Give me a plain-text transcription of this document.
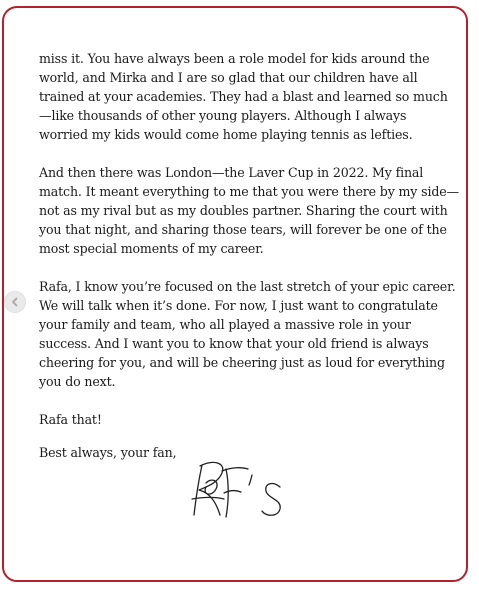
miss it. You have always been a role model for kids around the world, and Mirka and I are so glad that our children have all trained at your academies. They had a blast and learned so much—like thousands of other young players. Although I always worried my kids would come home playing tennis as lefties.

And then there was London—the Laver Cup in 2022. My final match. It meant everything to me that you were there by my side—not as my rival but as my doubles partner. Sharing the court with you that night, and sharing those tears, will forever be one of the most special moments of my career.

Rafa, I know you’re focused on the last stretch of your epic career. We will talk when it’s done. For now, I just want to congratulate your family and team, who all played a massive role in your success. And I want you to know that your old friend is always cheering for you, and will be cheering just as loud for everything you do next.

Rafa that!

Best always, your fan,
